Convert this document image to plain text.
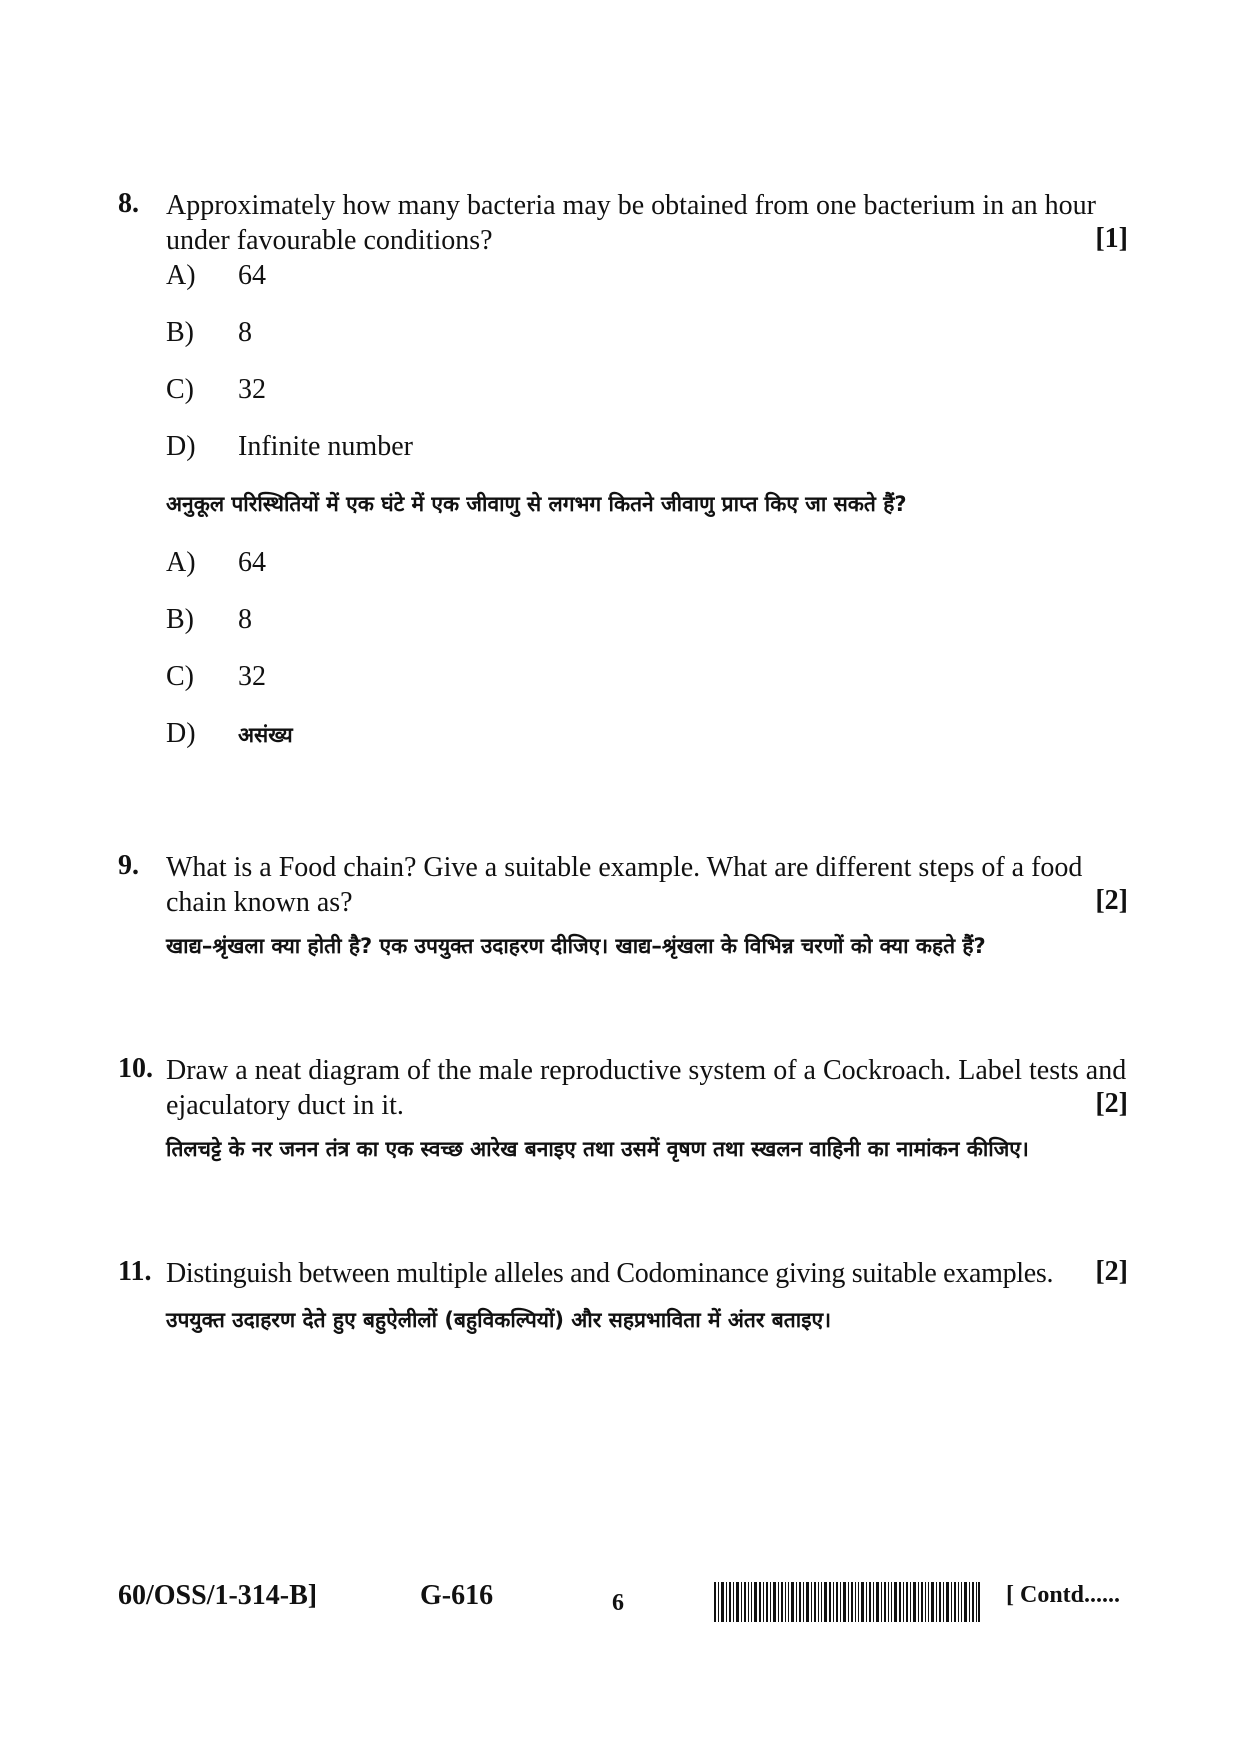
8. Approximately how many bacteria may be obtained from one bacterium in an hour under favourable conditions?	[1]
A) 64
B) 8
C) 32
D) Infinite number
अनुकूल परिस्थितियों में एक घंटे में एक जीवाणु से लगभग कितने जीवाणु प्राप्त किए जा सकते हैं?
A) 64
B) 8
C) 32
D) असंख्य
9. What is a Food chain? Give a suitable example. What are different steps of a food chain known as?	[2]
खाद्य–श्रृंखला क्या होती है? एक उपयुक्त उदाहरण दीजिए। खाद्य–श्रृंखला के विभिन्न चरणों को क्या कहते हैं?
10. Draw a neat diagram of the male reproductive system of a Cockroach. Label tests and ejaculatory duct in it.	[2]
तिलचट्टे के नर जनन तंत्र का एक स्वच्छ आरेख बनाइए तथा उसमें वृषण तथा स्खलन वाहिनी का नामांकन कीजिए।
11. Distinguish between multiple alleles and Codominance giving suitable examples.	[2]
उपयुक्त उदाहरण देते हुए बहुऐलीलों (बहुविकल्पियों) और सहप्रभाविता में अंतर बताइए।
60/OSS/1-314-B]	G-616	6	[ Contd......
